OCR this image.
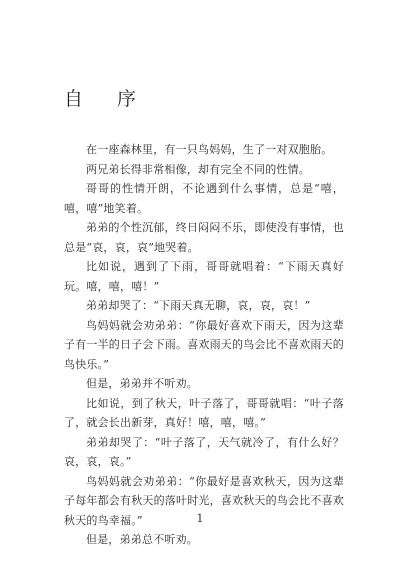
自 序

在一座森林里，有一只鸟妈妈，生了一对双胞胎。

两兄弟长得非常相像，却有完全不同的性情。

哥哥的性情开朗，不论遇到什么事情，总是“嘻，嘻，嘻”地笑着。

弟弟的个性沉郁，终日闷闷不乐，即使没有事情，也总是“哀，哀，哀”地哭着。

比如说，遇到了下雨，哥哥就唱着：“下雨天真好玩。嘻，嘻，嘻！”

弟弟却哭了：“下雨天真无聊，哀，哀，哀！”

鸟妈妈就会劝弟弟：“你最好喜欢下雨天，因为这辈子有一半的日子会下雨。喜欢雨天的鸟会比不喜欢雨天的鸟快乐。”

但是，弟弟并不听劝。

比如说，到了秋天，叶子落了，哥哥就唱：“叶子落了，就会长出新芽，真好！嘻，嘻，嘻。”

弟弟却哭了：“叶子落了，天气就冷了，有什么好？哀，哀，哀。”

鸟妈妈就会劝弟弟：“你最好是喜欢秋天，因为这辈子每年都会有秋天的落叶时光，喜欢秋天的鸟会比不喜欢秋天的鸟幸福。”

但是，弟弟总不听劝。

1
